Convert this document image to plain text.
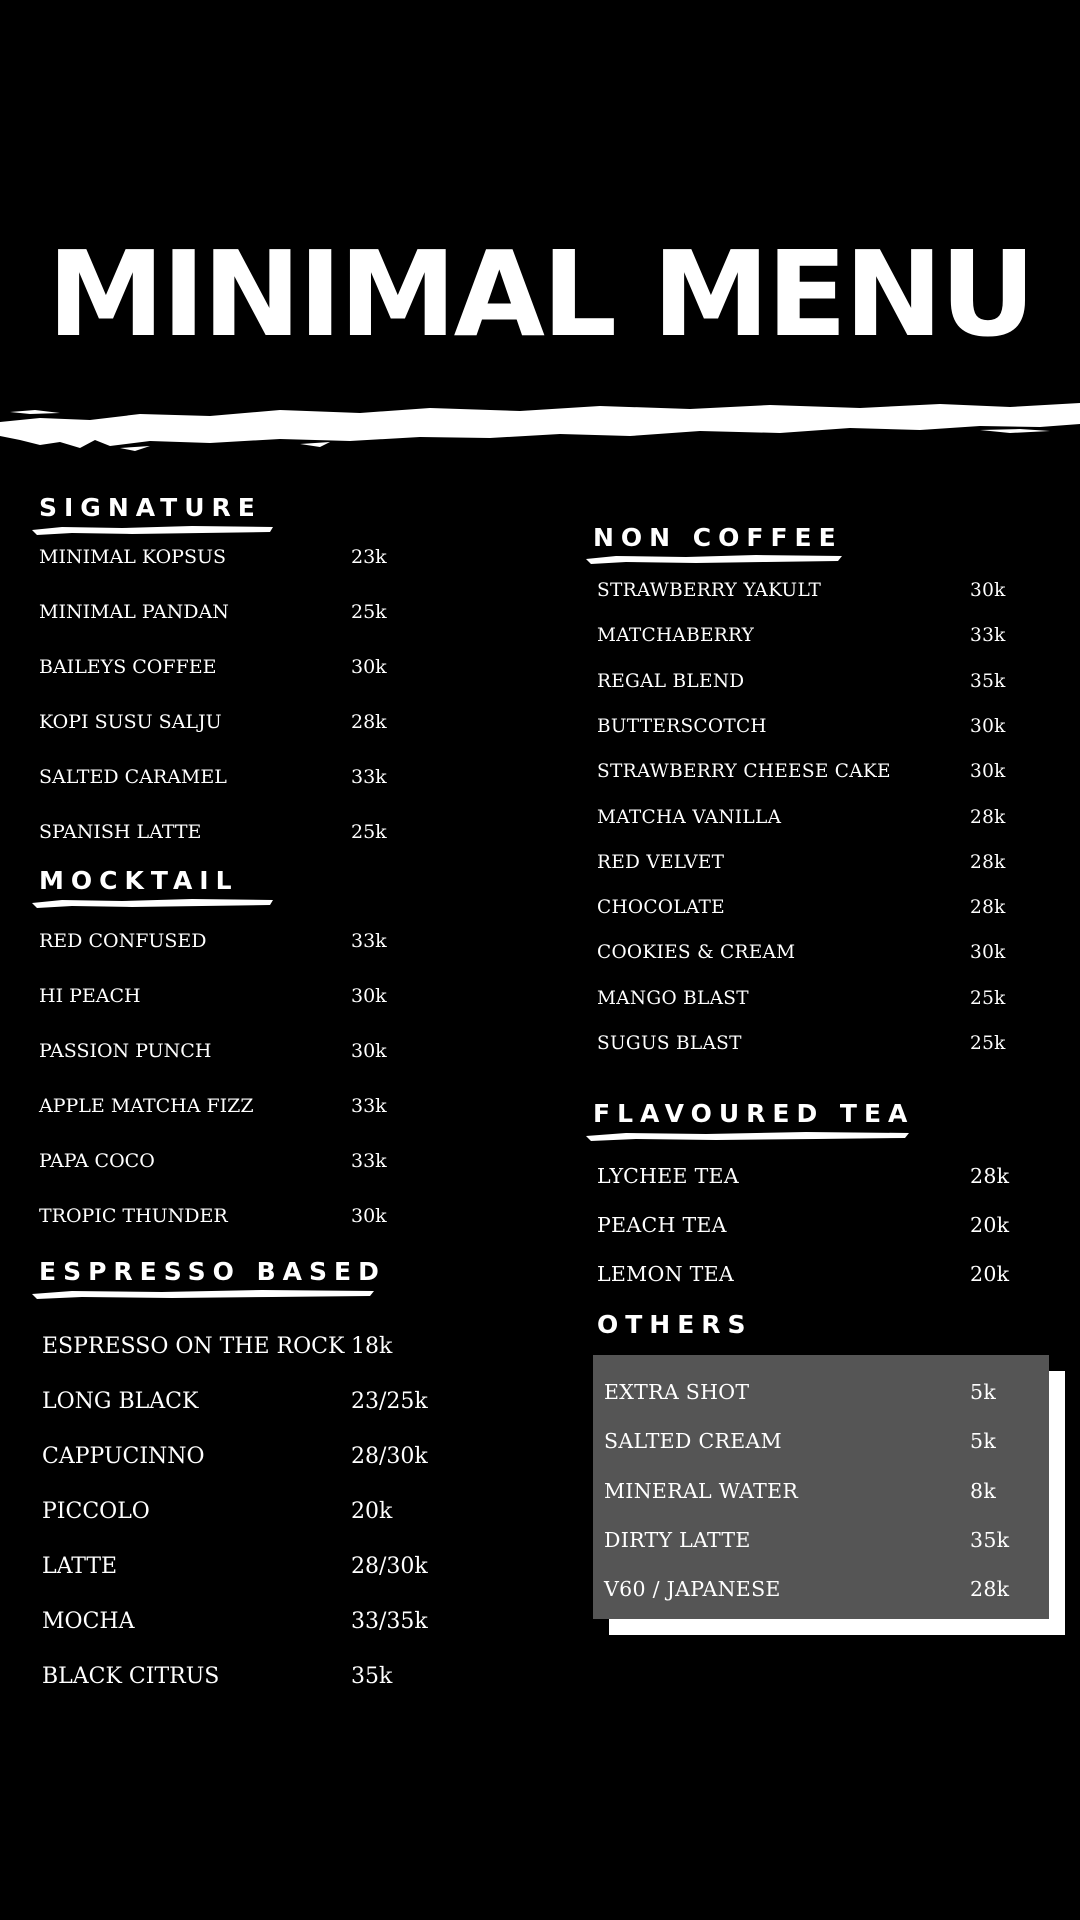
MINIMAL MENU
SIGNATURE
MINIMAL KOPSUS	23k
MINIMAL PANDAN	25k
BAILEYS COFFEE	30k
KOPI SUSU SALJU	28k
SALTED CARAMEL	33k
SPANISH LATTE	25k
MOCKTAIL
RED CONFUSED	33k
HI PEACH	30k
PASSION PUNCH	30k
APPLE MATCHA FIZZ	33k
PAPA COCO	33k
TROPIC THUNDER	30k
ESPRESSO BASED
ESPRESSO ON THE ROCK 18k
LONG BLACK	23/25k
CAPPUCINNO	28/30k
PICCOLO	20k
LATTE	28/30k
MOCHA	33/35k
BLACK CITRUS	35k
NON COFFEE
STRAWBERRY YAKULT	30k
MATCHABERRY	33k
REGAL BLEND	35k
BUTTERSCOTCH	30k
STRAWBERRY CHEESE CAKE	30k
MATCHA VANILLA	28k
RED VELVET	28k
CHOCOLATE	28k
COOKIES & CREAM	30k
MANGO BLAST	25k
SUGUS BLAST	25k
FLAVOURED TEA
LYCHEE TEA	28k
PEACH TEA	20k
LEMON TEA	20k
OTHERS
EXTRA SHOT	5k
SALTED CREAM	5k
MINERAL WATER	8k
DIRTY LATTE	35k
V60 / JAPANESE	28k
